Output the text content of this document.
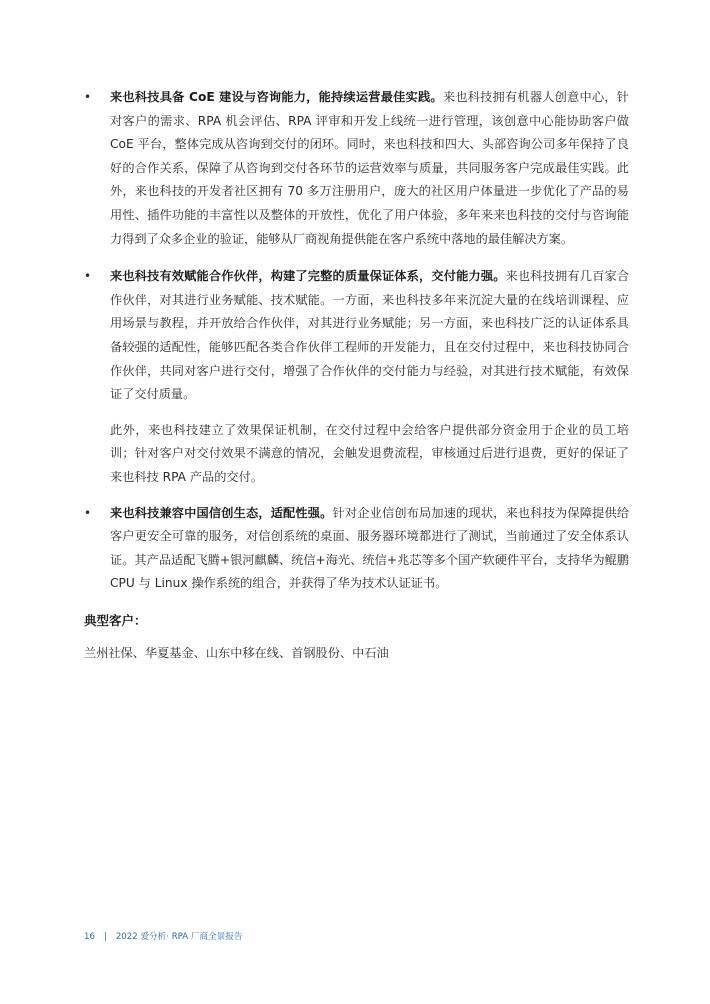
• 来也科技具备 CoE 建设与咨询能力，能持续运营最佳实践。来也科技拥有机器人创意中心，针对客户的需求、RPA 机会评估、RPA 评审和开发上线统一进行管理，该创意中心能协助客户做 CoE 平台，整体完成从咨询到交付的闭环。同时，来也科技和四大、头部咨询公司多年保持了良好的合作关系，保障了从咨询到交付各环节的运营效率与质量，共同服务客户完成最佳实践。此外，来也科技的开发者社区拥有 70 多万注册用户，庞大的社区用户体量进一步优化了产品的易用性、插件功能的丰富性以及整体的开放性，优化了用户体验，多年来来也科技的交付与咨询能力得到了众多企业的验证，能够从厂商视角提供能在客户系统中落地的最佳解决方案。
• 来也科技有效赋能合作伙伴，构建了完整的质量保证体系，交付能力强。来也科技拥有几百家合作伙伴，对其进行业务赋能、技术赋能。一方面，来也科技多年来沉淀大量的在线培训课程、应用场景与教程，并开放给合作伙伴，对其进行业务赋能；另一方面，来也科技广泛的认证体系具备较强的适配性，能够匹配各类合作伙伴工程师的开发能力，且在交付过程中，来也科技协同合作伙伴，共同对客户进行交付，增强了合作伙伴的交付能力与经验，对其进行技术赋能，有效保证了交付质量。
此外，来也科技建立了效果保证机制，在交付过程中会给客户提供部分资金用于企业的员工培训；针对客户对交付效果不满意的情况，会触发退费流程，审核通过后进行退费，更好的保证了来也科技 RPA 产品的交付。
• 来也科技兼容中国信创生态，适配性强。针对企业信创布局加速的现状，来也科技为保障提供给客户更安全可靠的服务，对信创系统的桌面、服务器环境都进行了测试，当前通过了安全体系认证。其产品适配飞腾+银河麒麟、统信+海光、统信+兆芯等多个国产软硬件平台，支持华为鲲鹏 CPU 与 Linux 操作系统的组合，并获得了华为技术认证证书。
典型客户：
兰州社保、华夏基金、山东中移在线、首钢股份、中石油
16 | 2022 爱分析· RPA 厂商全景报告
